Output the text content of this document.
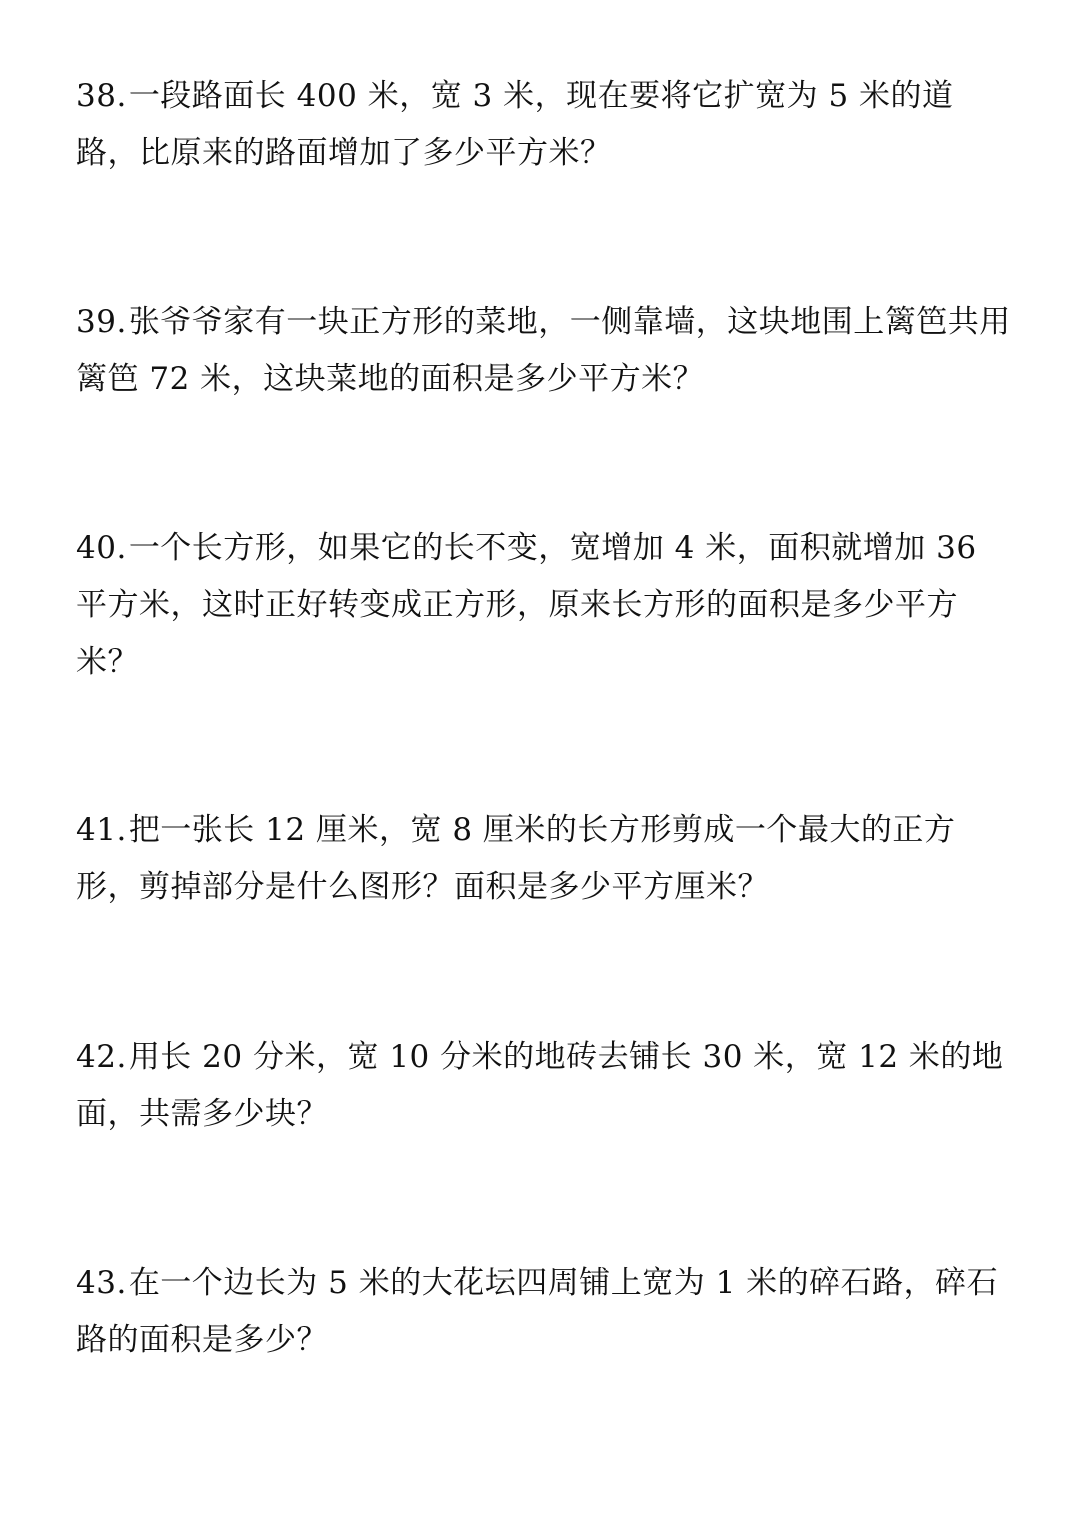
38.一段路面长 400 米，宽 3 米，现在要将它扩宽为 5 米的道路，比原来的路面增加了多少平方米？
39.张爷爷家有一块正方形的菜地，一侧靠墙，这块地围上篱笆共用篱笆 72 米，这块菜地的面积是多少平方米？
40.一个长方形，如果它的长不变，宽增加 4 米，面积就增加 36 平方米，这时正好转变成正方形，原来长方形的面积是多少平方米？
41.把一张长 12 厘米，宽 8 厘米的长方形剪成一个最大的正方形，剪掉部分是什么图形？面积是多少平方厘米？
42.用长 20 分米，宽 10 分米的地砖去铺长 30 米，宽 12 米的地面，共需多少块？
43.在一个边长为 5 米的大花坛四周铺上宽为 1 米的碎石路，碎石路的面积是多少？
